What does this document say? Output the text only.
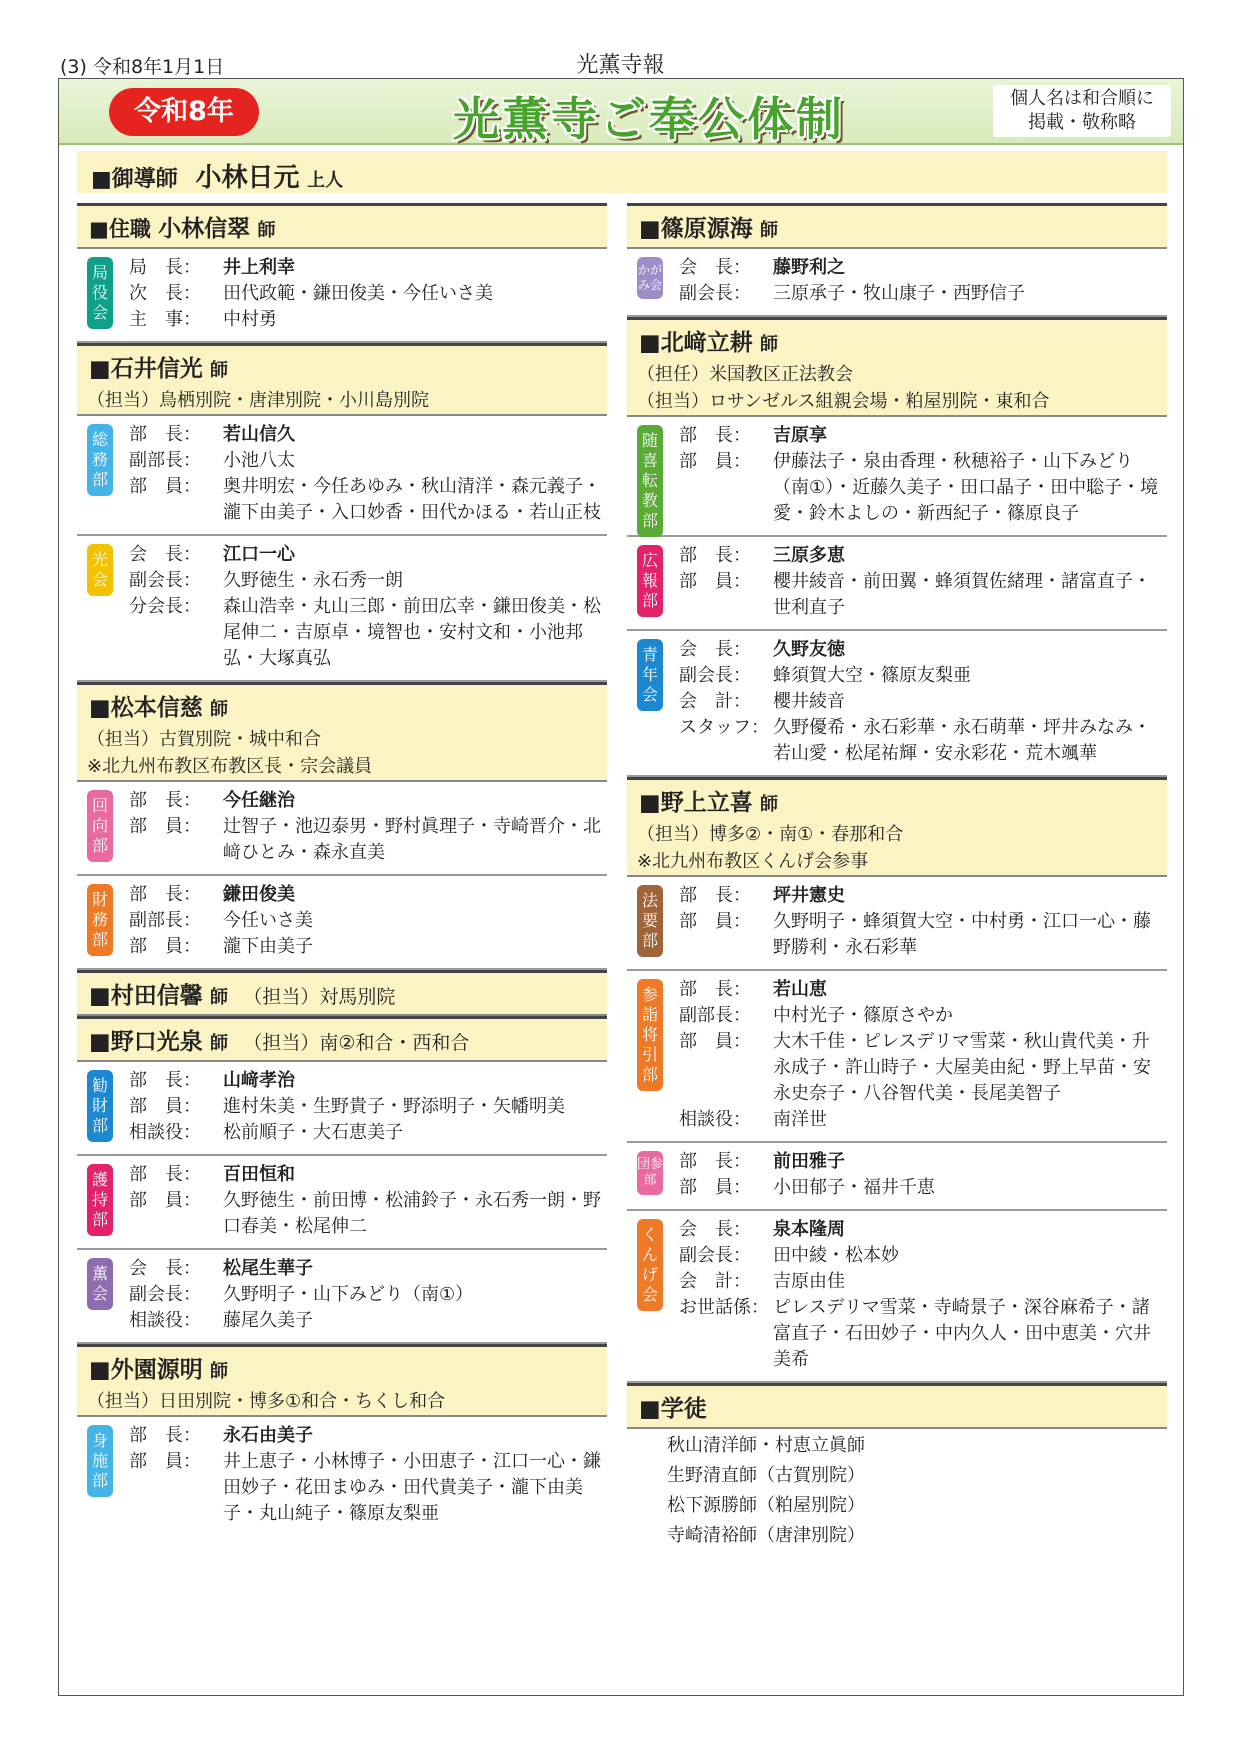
(3) 令和8年1月1日	光薫寺報
令和8年	光薫寺ご奉公体制	個人名は和合順に
掲載・敬称略
■御導師 小林日元 上人
■住職 小林信翠 師
局役会
局　長：	井上利幸
次　長：	田代政範・鎌田俊美・今任いさ美
主　事：	中村勇
■石井信光 師
（担当）鳥栖別院・唐津別院・小川島別院
総務部
部　長：	若山信久
副部長：	小池八太
部　員：	奥井明宏・今任あゆみ・秋山清洋・森元義子・瀧下由美子・入口妙香・田代かほる・若山正枝
光会
会　長：	江口一心
副会長：	久野徳生・永石秀一朗
分会長：	森山浩幸・丸山三郎・前田広幸・鎌田俊美・松尾伸二・吉原卓・境智也・安村文和・小池邦弘・大塚真弘
■松本信慈 師
（担当）古賀別院・城中和合
※北九州布教区布教区長・宗会議員
回向部
部　長：	今任継治
部　員：	辻智子・池辺泰男・野村眞理子・寺崎晋介・北﨑ひとみ・森永直美
財務部
部　長：	鎌田俊美
副部長：	今任いさ美
部　員：	瀧下由美子
■村田信馨 師 （担当）対馬別院
■野口光泉 師 （担当）南②和合・西和合
勧財部
部　長：	山﨑孝治
部　員：	進村朱美・生野貴子・野添明子・矢幡明美
相談役：	松前順子・大石恵美子
護持部
部　長：	百田恒和
部　員：	久野徳生・前田博・松浦鈴子・永石秀一朗・野口春美・松尾伸二
薫会
会　長：	松尾生華子
副会長：	久野明子・山下みどり（南①）
相談役：	藤尾久美子
■外園源明 師
（担当）日田別院・博多①和合・ちくし和合
身施部
部　長：	永石由美子
部　員：	井上恵子・小林博子・小田恵子・江口一心・鎌田妙子・花田まゆみ・田代貴美子・瀧下由美子・丸山純子・篠原友梨亜
■篠原源海 師
かがみ会
会　長：	藤野利之
副会長：	三原承子・牧山康子・西野信子
■北﨑立耕 師
（担任）米国教区正法教会
（担当）ロサンゼルス組親会場・粕屋別院・東和合
随喜転教部
部　長：	吉原享
部　員：	伊藤法子・泉由香理・秋穂裕子・山下みどり（南①）・近藤久美子・田口晶子・田中聡子・境愛・鈴木よしの・新西紀子・篠原良子
広報部
部　長：	三原多恵
部　員：	櫻井綾音・前田翼・蜂須賀佐緒理・諸富直子・世利直子
青年会
会　長：	久野友徳
副会長：	蜂須賀大空・篠原友梨亜
会　計：	櫻井綾音
スタッフ： 久野優希・永石彩華・永石萌華・坪井みなみ・若山愛・松尾祐輝・安永彩花・荒木颯華
■野上立喜 師
（担当）博多②・南①・春那和合
※北九州布教区くんげ会参事
法要部
部　長：	坪井憲史
部　員：	久野明子・蜂須賀大空・中村勇・江口一心・藤野勝利・永石彩華
参詣将引部
部　長：	若山恵
副部長：	中村光子・篠原さやか
部　員：	大木千佳・ピレスデリマ雪菜・秋山貴代美・升永成子・許山時子・大屋美由紀・野上早苗・安永史奈子・八谷智代美・長尾美智子
相談役：	南洋世
団参部
部　長：	前田雅子
部　員：	小田郁子・福井千恵
くんげ会
会　長：	泉本隆周
副会長：	田中綾・松本妙
会　計：	吉原由佳
お世話係： ピレスデリマ雪菜・寺崎景子・深谷麻希子・諸富直子・石田妙子・中内久人・田中恵美・穴井美希
■学徒
秋山清洋師・村恵立眞師
生野清直師（古賀別院）
松下源勝師（粕屋別院）
寺崎清裕師（唐津別院）
